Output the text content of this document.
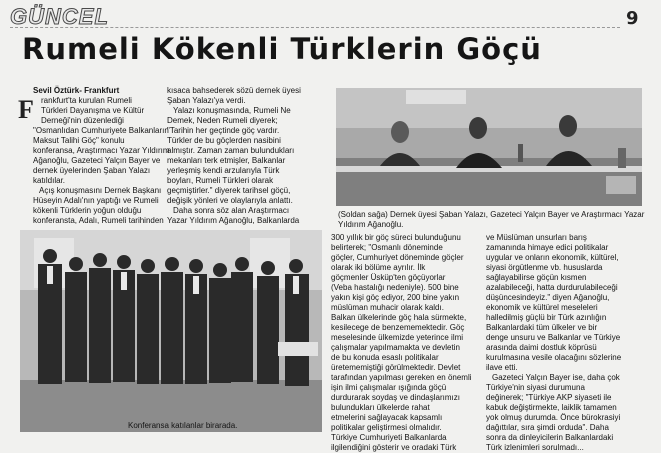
GÜNCEL	9
Rumeli Kökenli Türklerin Göçü
F

Sevil Öztürk- Frankfurt

rankfurt'ta kurulan Rumeli

Türkleri Dayanışma ve Kültür

Derneği'nin düzenlediği

"Osmanlıdan Cumhuriyete Balkanların

Maksut Talihi Göç" konulu

konferansa, Araştırmacı Yazar Yıldırım

Ağanoğlu, Gazeteci Yalçın Bayer ve

dernek üyelerinden Şaban Yalazı

katıldılar.

Açış konuşmasını Dernek Başkanı

Hüseyin Adalı'nın yaptığı ve Rumeli

kökenli Türklerin yoğun olduğu

konferansta, Adalı, Rumeli tarihinden

kısaca bahsederek sözü dernek üyesi

Şaban Yalazı'ya verdi.

Yalazı konuşmasında, Rumeli Ne

Demek, Neden Rumeli diyerek;

"Tarihin her geçtinde göç vardır.

Türkler de bu göçlerden nasibini

almıştır. Zaman zaman bulundukları

mekanları terk etmişler, Balkanlar

yerleşmiş kendi arzularıyla Türk

boyları, Rumeli Türkleri olarak

geçmiştirler." diyerek tarihsel göçü,

değişik yönleri ve olaylarıyla anlattı.

Daha sonra söz alan Araştırmacı

Yazar Yıldırım Ağanoğlu, Balkanlarda

(Soldan sağa) Dernek üyesi Şaban Yalazı, Gazeteci Yalçın Bayer ve Araştırmacı Yazar Yıldırım Ağanoğlu.
Konferansa katılanlar birarada.

300 yıllık bir göç süreci bulunduğunu

belirterek; "Osmanlı döneminde

göçler, Cumhuriyet döneminde göçler

olarak iki bölüme ayrılır. İlk

göçmenler Üsküp'ten göçüyorlar

(Veba hastalığı nedeniyle). 500 bine

yakın kişi göç ediyor, 200 bine yakın

müslüman muhacir olarak kaldı.

Balkan ülkelerinde göç hala sürmekte,

kesilecege de benzememektedir. Göç

meselesinde ülkemizde yeterince ilmi

çalışmalar yapılmamakta ve devletin

de bu konuda esaslı politikalar

üretememiştiği görülmektedir. Devlet

tarafından yapılması gereken en önemli

işin ilmi çalışmalar ışığında göçü

durdurarak soydaş ve dindaşlarımızı

bulundukları ülkelerde rahat

etmelerini sağlayacak kapsamlı

politikalar geliştirmesi olmalıdır.

Türkiye Cumhuriyeti Balkanlarda

ilgilendiğini gösterir ve oradaki Türk

ve Müslüman unsurları barış

zamanında himaye edici politikalar

uygular ve onların ekonomik, kültürel,

siyasi örgütlenme vb. hususlarda

sağlayabilirse göçün kısmen

azalabileceği, hatta durdurulabileceği

düşüncesindeyiz." diyen Ağanoğlu,

ekonomik ve kültürel meseleleri

halledilmiş güçlü bir Türk azınlığın

Balkanlardaki tüm ülkeler ve bir

denge unsuru ve Balkanlar ve Türkiye

arasında daimi dostluk köprüsü

kurulmasına vesile olacağını sözlerine

ilave etti.

Gazeteci Yalçın Bayer ise, daha çok

Türkiye'nin siyasi durumuna

değinerek; "Türkiye AKP siyaseti ile

kabuk değiştirmekte, laiklik tamamen

yok olmuş durumda. Önce bürokrasiyi

dağıttılar, sıra şimdi orduda". Daha

sonra da dinleyicilerin Balkanlardaki

Türk izlenimleri sorulmadı...
